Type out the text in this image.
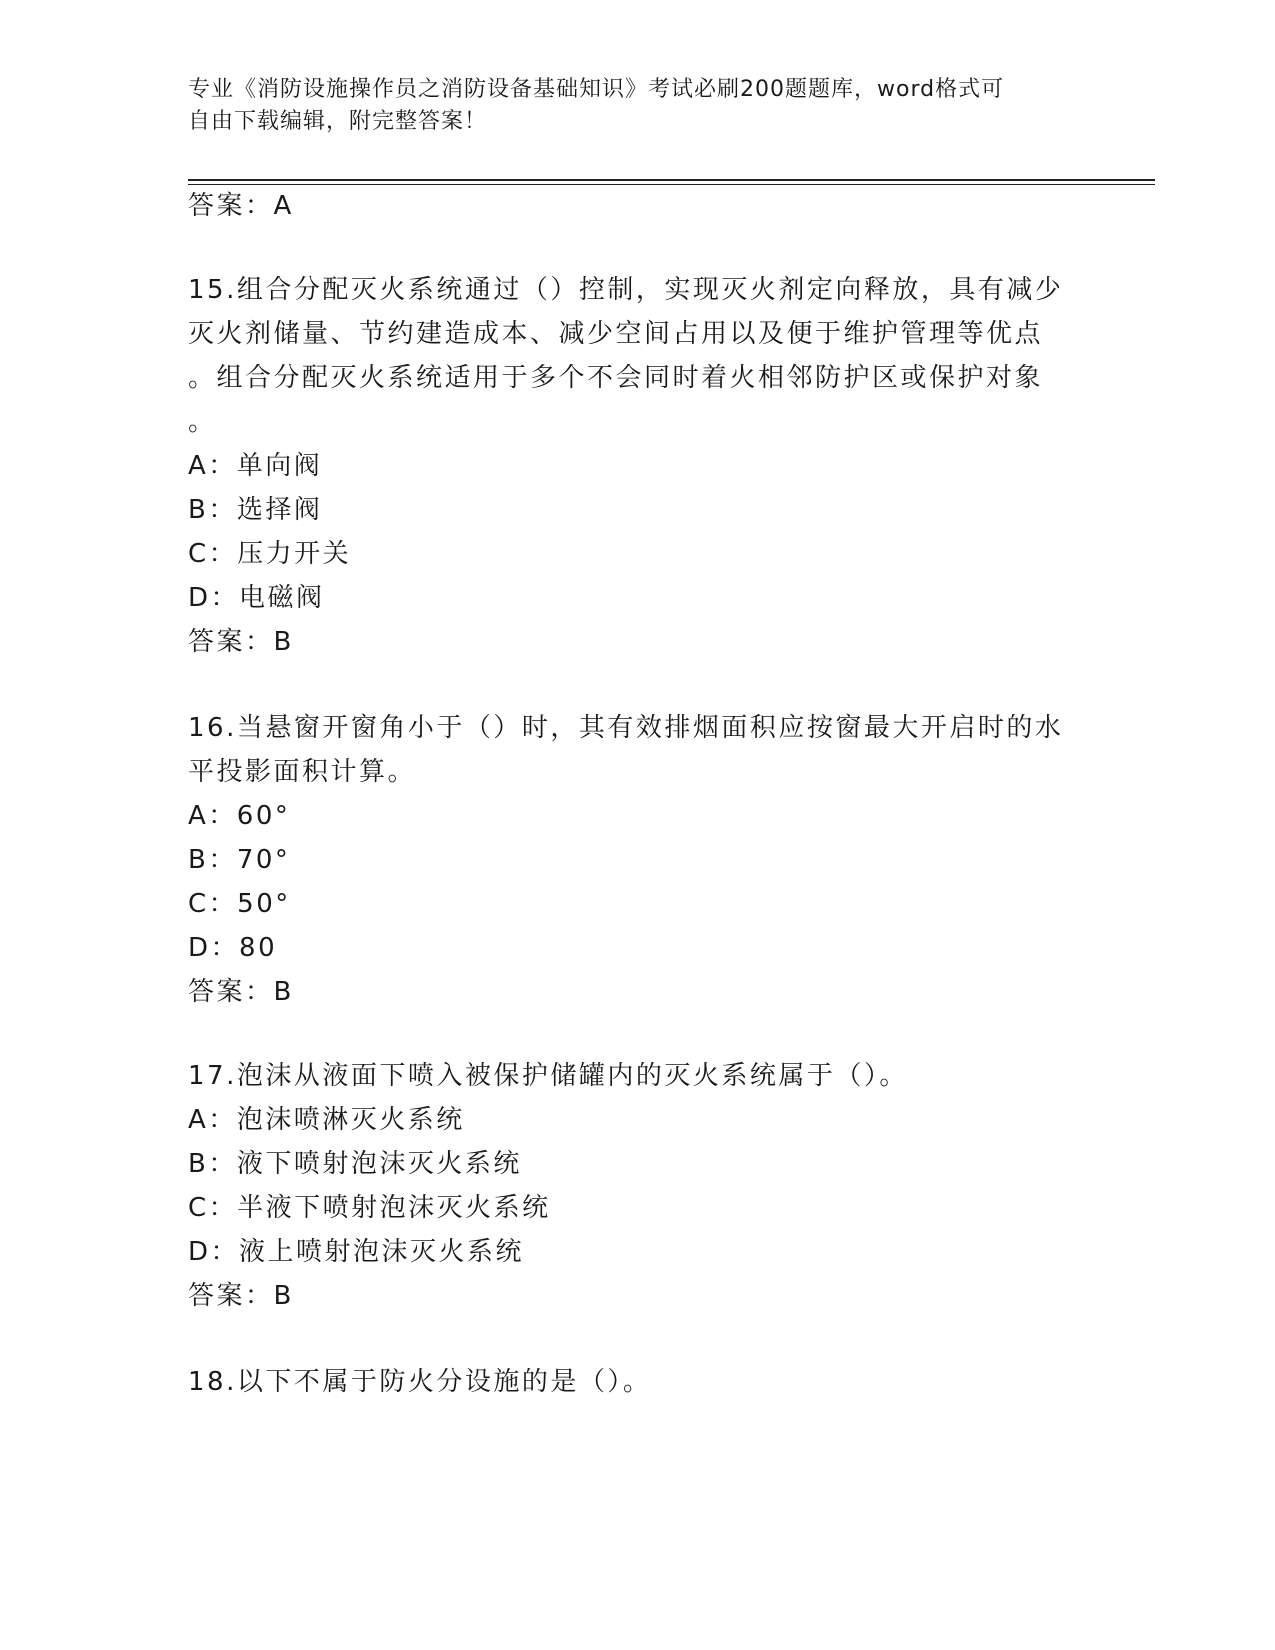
专业《消防设施操作员之消防设备基础知识》考试必刷200题题库，word格式可
自由下载编辑，附完整答案！
答案：A
15.组合分配灭火系统通过（）控制，实现灭火剂定向释放，具有减少
灭火剂储量、节约建造成本、减少空间占用以及便于维护管理等优点
。组合分配灭火系统适用于多个不会同时着火相邻防护区或保护对象
。
A：单向阀
B：选择阀
C：压力开关
D：电磁阀
答案：B
16.当悬窗开窗角小于（）时，其有效排烟面积应按窗最大开启时的水
平投影面积计算。
A：60°
B：70°
C：50°
D：80
答案：B
17.泡沫从液面下喷入被保护储罐内的灭火系统属于（）。
A：泡沫喷淋灭火系统
B：液下喷射泡沫灭火系统
C：半液下喷射泡沫灭火系统
D：液上喷射泡沫灭火系统
答案：B
18.以下不属于防火分设施的是（）。
